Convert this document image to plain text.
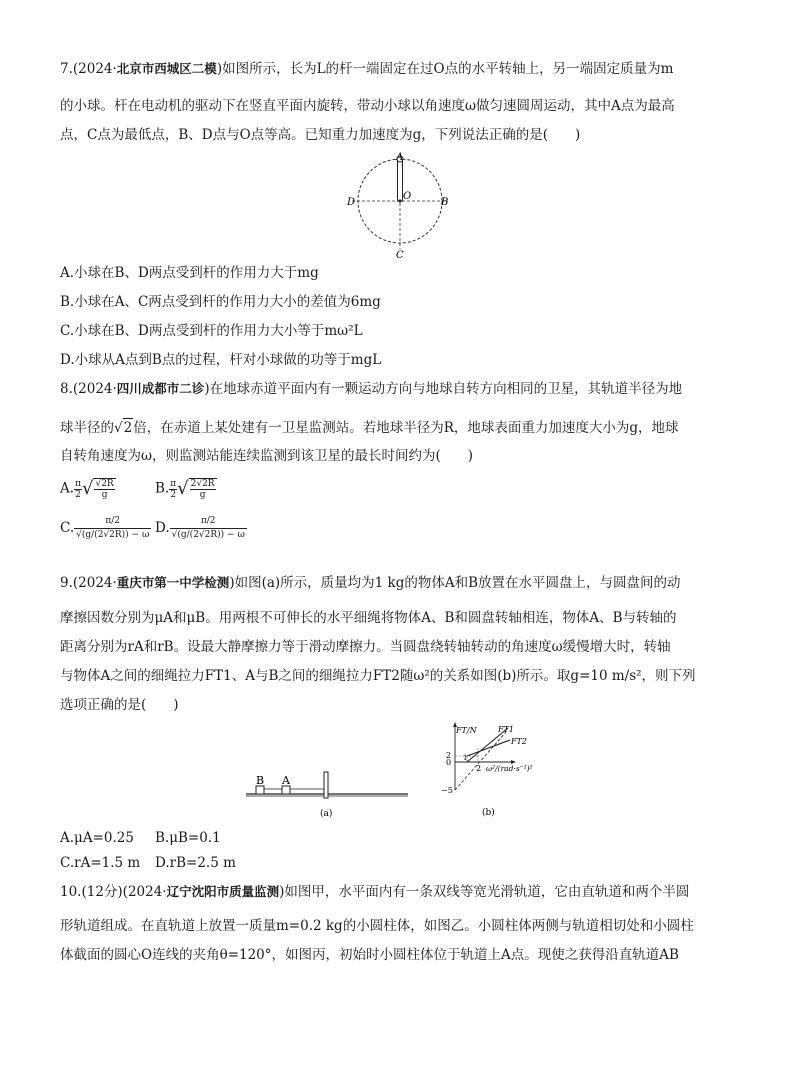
7.(2024·北京市西城区二模)如图所示，长为L的杆一端固定在过O点的水平转轴上，另一端固定质量为m
的小球。杆在电动机的驱动下在竖直平面内旋转，带动小球以角速度ω做匀速圆周运动，其中A点为最高
点，C点为最低点，B、D点与O点等高。已知重力加速度为g，下列说法正确的是(　　)
A
B
C
D
O
A.小球在B、D两点受到杆的作用力大于mg
B.小球在A、C两点受到杆的作用力大小的差值为6mg
C.小球在B、D两点受到杆的作用力大小等于mω²L
D.小球从A点到B点的过程，杆对小球做的功等于mgL
8.(2024·四川成都市二诊)在地球赤道平面内有一颗运动方向与地球自转方向相同的卫星，其轨道半径为地
球半径的√2倍，在赤道上某处建有一卫星监测站。若地球半径为R，地球表面重力加速度大小为g，地球
自转角速度为ω，则监测站能连续监测到该卫星的最长时间约为(　　)
A. $\frac{\pi}{2}$ √ $\frac{√2R}{g}$	B. $\frac{\pi}{2}$ √ $\frac{2√2R}{g}$
C. $\frac{\pi/2}{√(g/(2√2R)) - \omega} D$. $\frac{\pi/2}{√(g/(2√2R)) - \omega}$
9.(2024·重庆市第一中学检测)如图(a)所示，质量均为1 kg的物体A和B放置在水平圆盘上，与圆盘间的动
摩擦因数分别为μA和μB。用两根不可伸长的水平细绳将物体A、B和圆盘转轴相连，物体A、B与转轴的
距离分别为rA和rB。设最大静摩擦力等于滑动摩擦力。当圆盘绕转轴转动的角速度ω缓慢增大时，转轴
与物体A之间的细绳拉力FT1、A与B之间的细绳拉力FT2随ω²的关系如图(b)所示。取g=10 m/s²，则下列
选项正确的是(　　)
B A
(a)
FT/N	FT1
FT2
2
0
−5
1
2 ω²/(rad·s⁻¹)²
(b)
A.μA=0.25 B.μB=0.1
C.rA=1.5 m D.rB=2.5 m
10.(12分)(2024·辽宁沈阳市质量监测)如图甲，水平面内有一条双线等宽光滑轨道，它由直轨道和两个半圆
形轨道组成。在直轨道上放置一质量m=0.2 kg的小圆柱体，如图乙。小圆柱体两侧与轨道相切处和小圆柱
体截面的圆心O连线的夹角θ=120°，如图丙，初始时小圆柱体位于轨道上A点。现使之获得沿直轨道AB
